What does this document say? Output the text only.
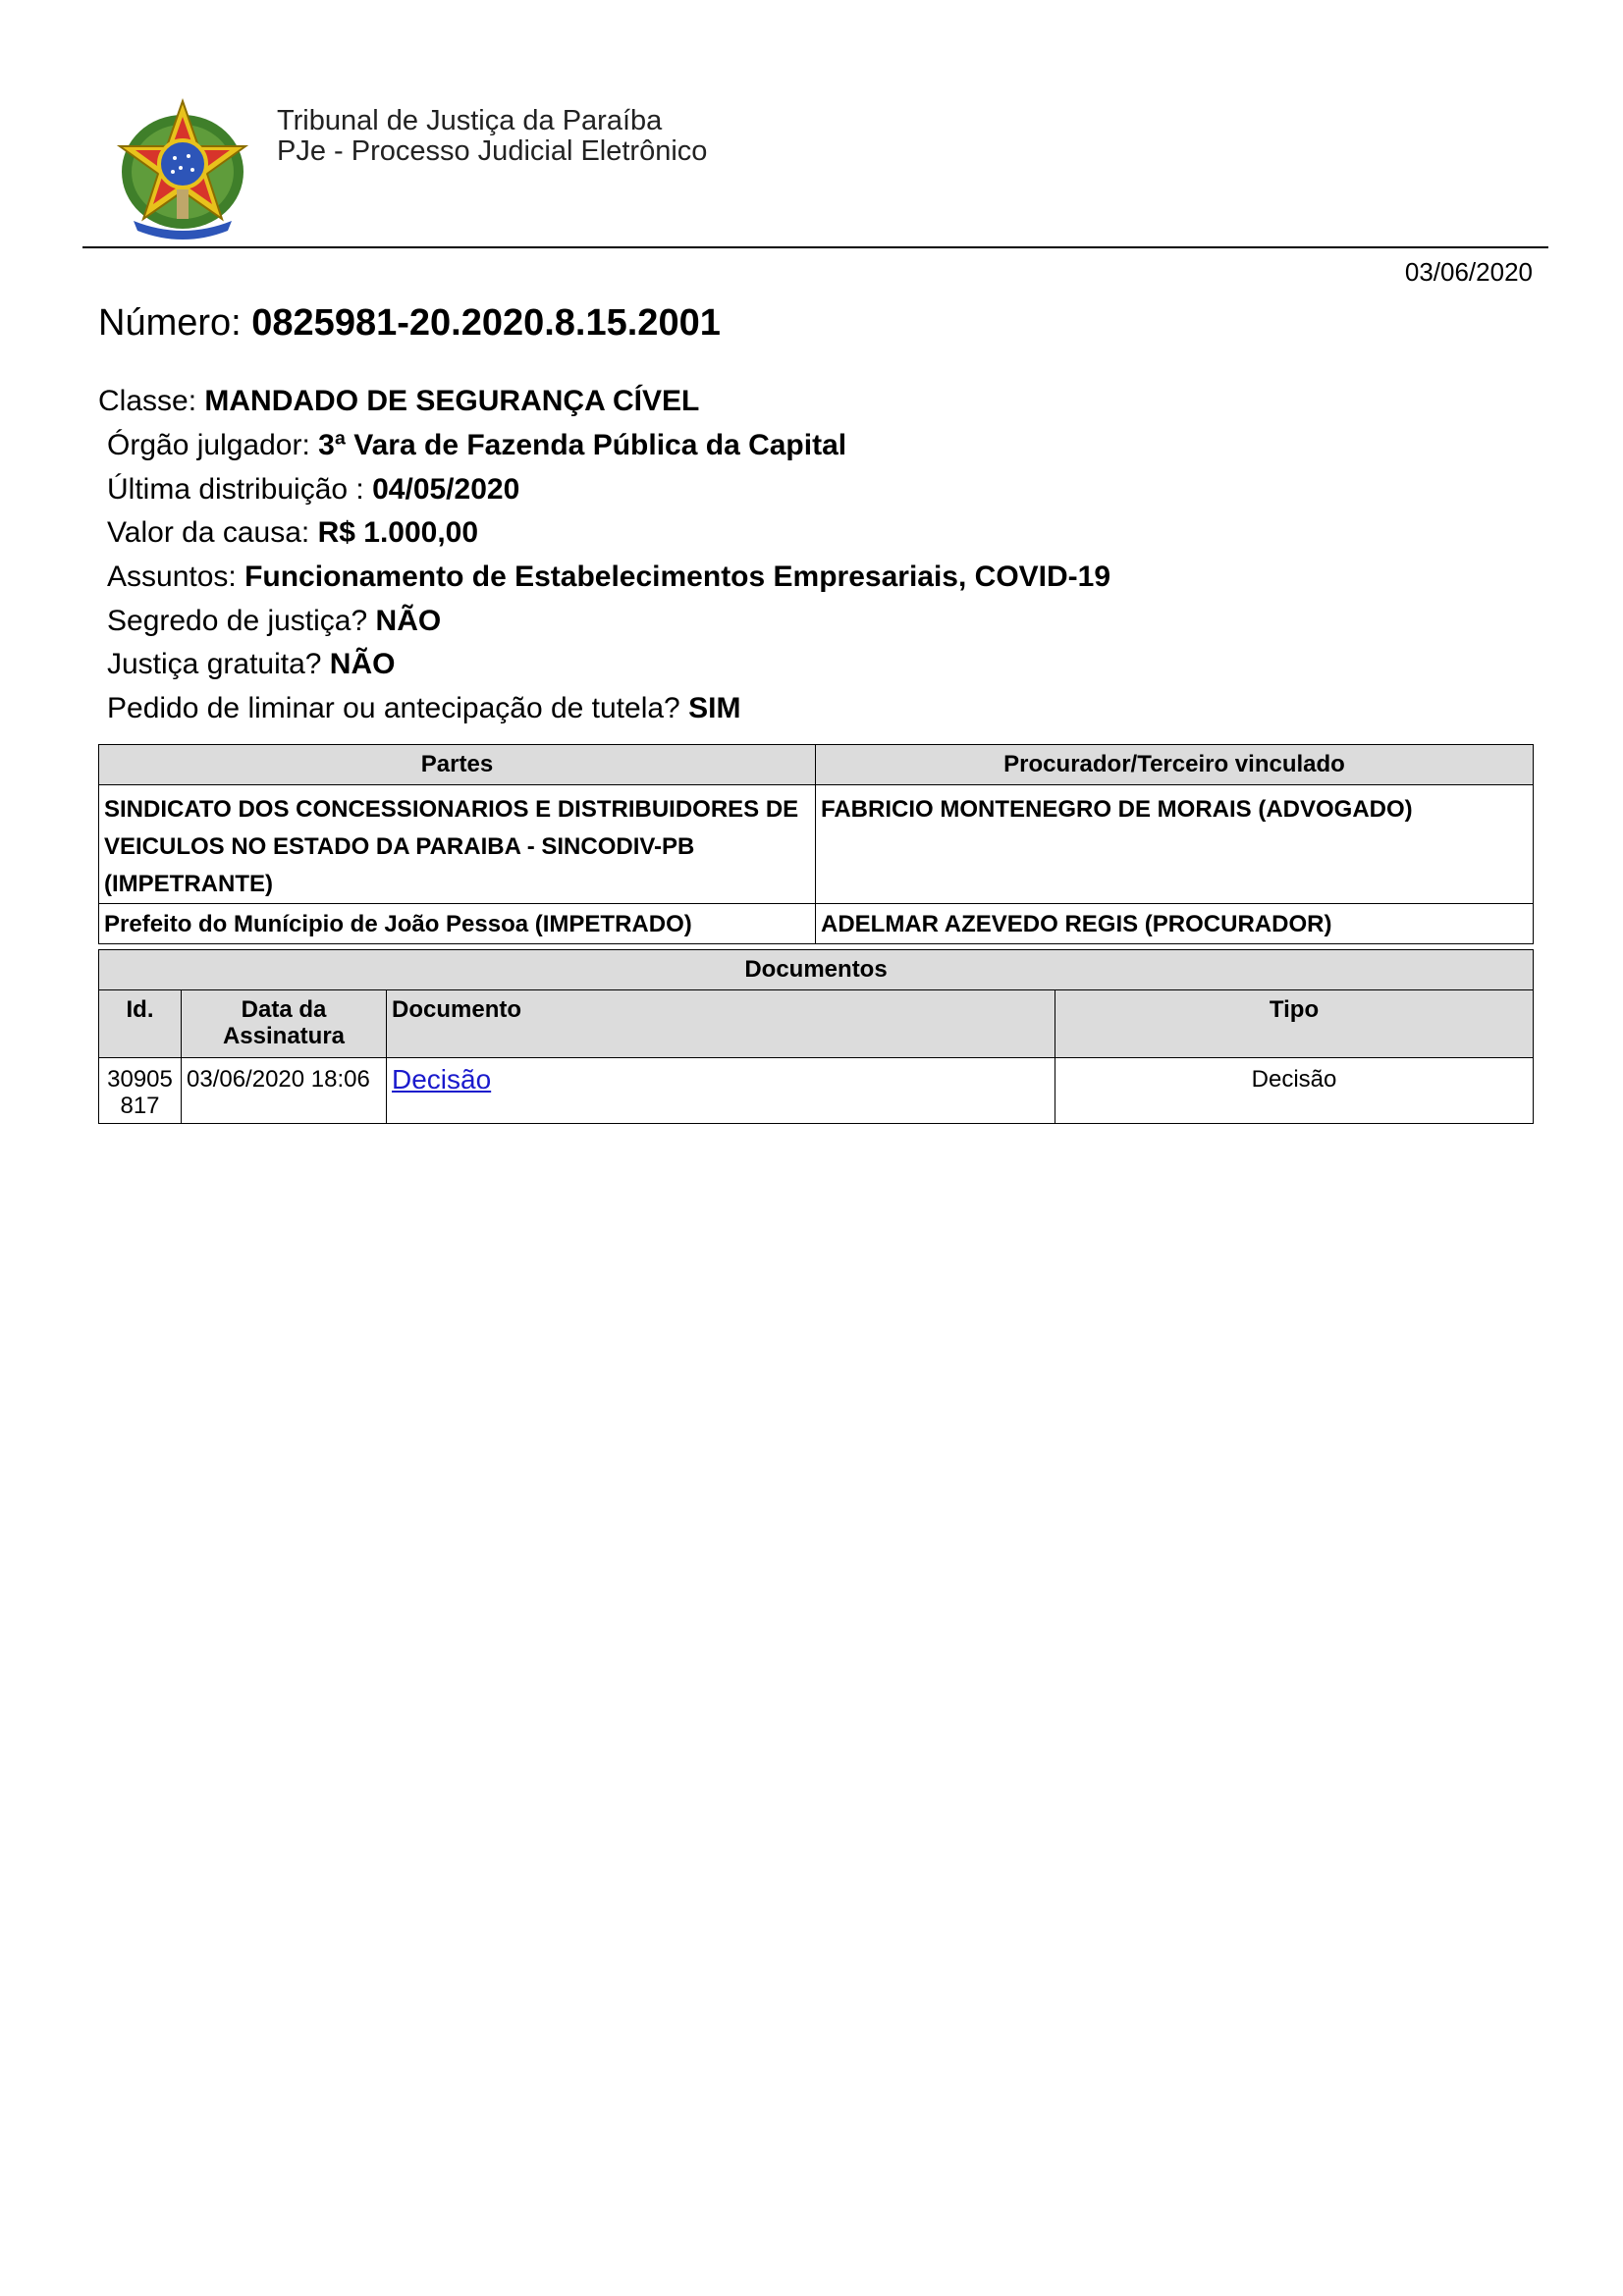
Tribunal de Justiça da Paraíba
PJe - Processo Judicial Eletrônico
03/06/2020
Número: 0825981-20.2020.8.15.2001
Classe: MANDADO DE SEGURANÇA CÍVEL
Órgão julgador: 3ª Vara de Fazenda Pública da Capital
Última distribuição : 04/05/2020
Valor da causa: R$ 1.000,00
Assuntos: Funcionamento de Estabelecimentos Empresariais, COVID-19
Segredo de justiça? NÃO
Justiça gratuita? NÃO
Pedido de liminar ou antecipação de tutela? SIM
Partes	Procurador/Terceiro vinculado
SINDICATO DOS CONCESSIONARIOS E DISTRIBUIDORES DE VEICULOS NO ESTADO DA PARAIBA - SINCODIV-PB (IMPETRANTE)	FABRICIO MONTENEGRO DE MORAIS (ADVOGADO)
Prefeito do Munícipio de João Pessoa (IMPETRADO)	ADELMAR AZEVEDO REGIS (PROCURADOR)
Documentos			
Id.	Data da Assinatura	Documento	Tipo
30905 817	03/06/2020 18:06	Decisão	Decisão
